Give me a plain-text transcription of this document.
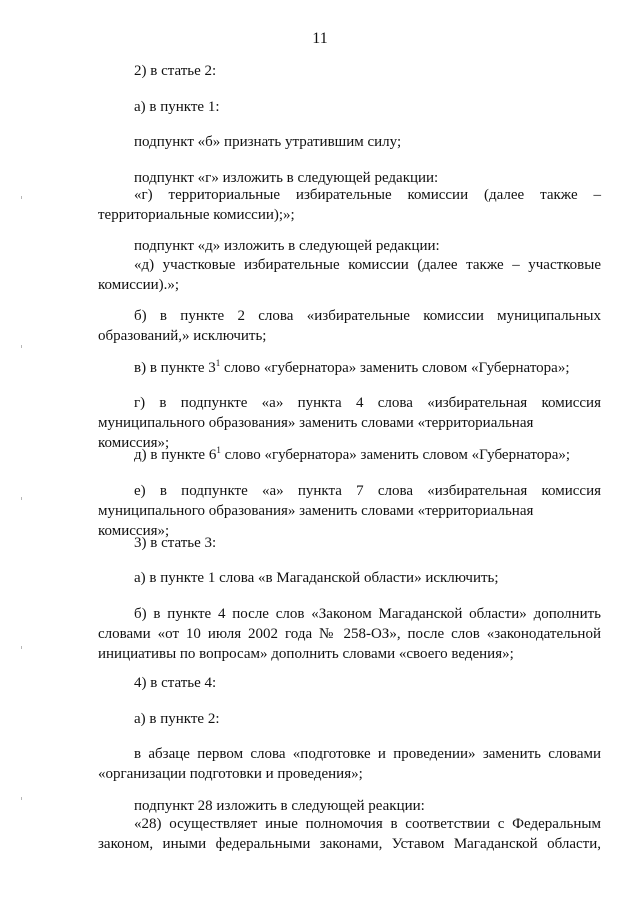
11

2) в статье 2:

а) в пункте 1:

подпункт «б» признать утратившим силу;

подпункт «г» изложить в следующей редакции:

«г) территориальные избирательные комиссии (далее также –
территориальные комиссии);»;

подпункт «д» изложить в следующей редакции:

«д) участковые избирательные комиссии (далее также – участковые
комиссии).»;

б) в пункте 2 слова «избирательные комиссии муниципальных
образований,» исключить;

в) в пункте $3^1$ слово «губернатора» заменить словом «Губернатора»;

г) в подпункте «а» пункта 4 слова «избирательная комиссия
муниципального образования» заменить словами «территориальная комиссия»;

д) в пункте $6^1$ слово «губернатора» заменить словом «Губернатора»;

е) в подпункте «а» пункта 7 слова «избирательная комиссия
муниципального образования» заменить словами «территориальная комиссия»;

3) в статье 3:

а) в пункте 1 слова «в Магаданской области» исключить;

б) в пункте 4 после слов «Законом Магаданской области» дополнить
словами «от 10 июля 2002 года № 258-ОЗ», после слов «законодательной
инициативы по вопросам» дополнить словами «своего ведения»;

4) в статье 4:

а) в пункте 2:

в абзаце первом слова «подготовке и проведении» заменить словами
«организации подготовки и проведения»;

подпункт 28 изложить в следующей реакции:

«28) осуществляет иные полномочия в соответствии с Федеральным
законом, иными федеральными законами, Уставом Магаданской области,
